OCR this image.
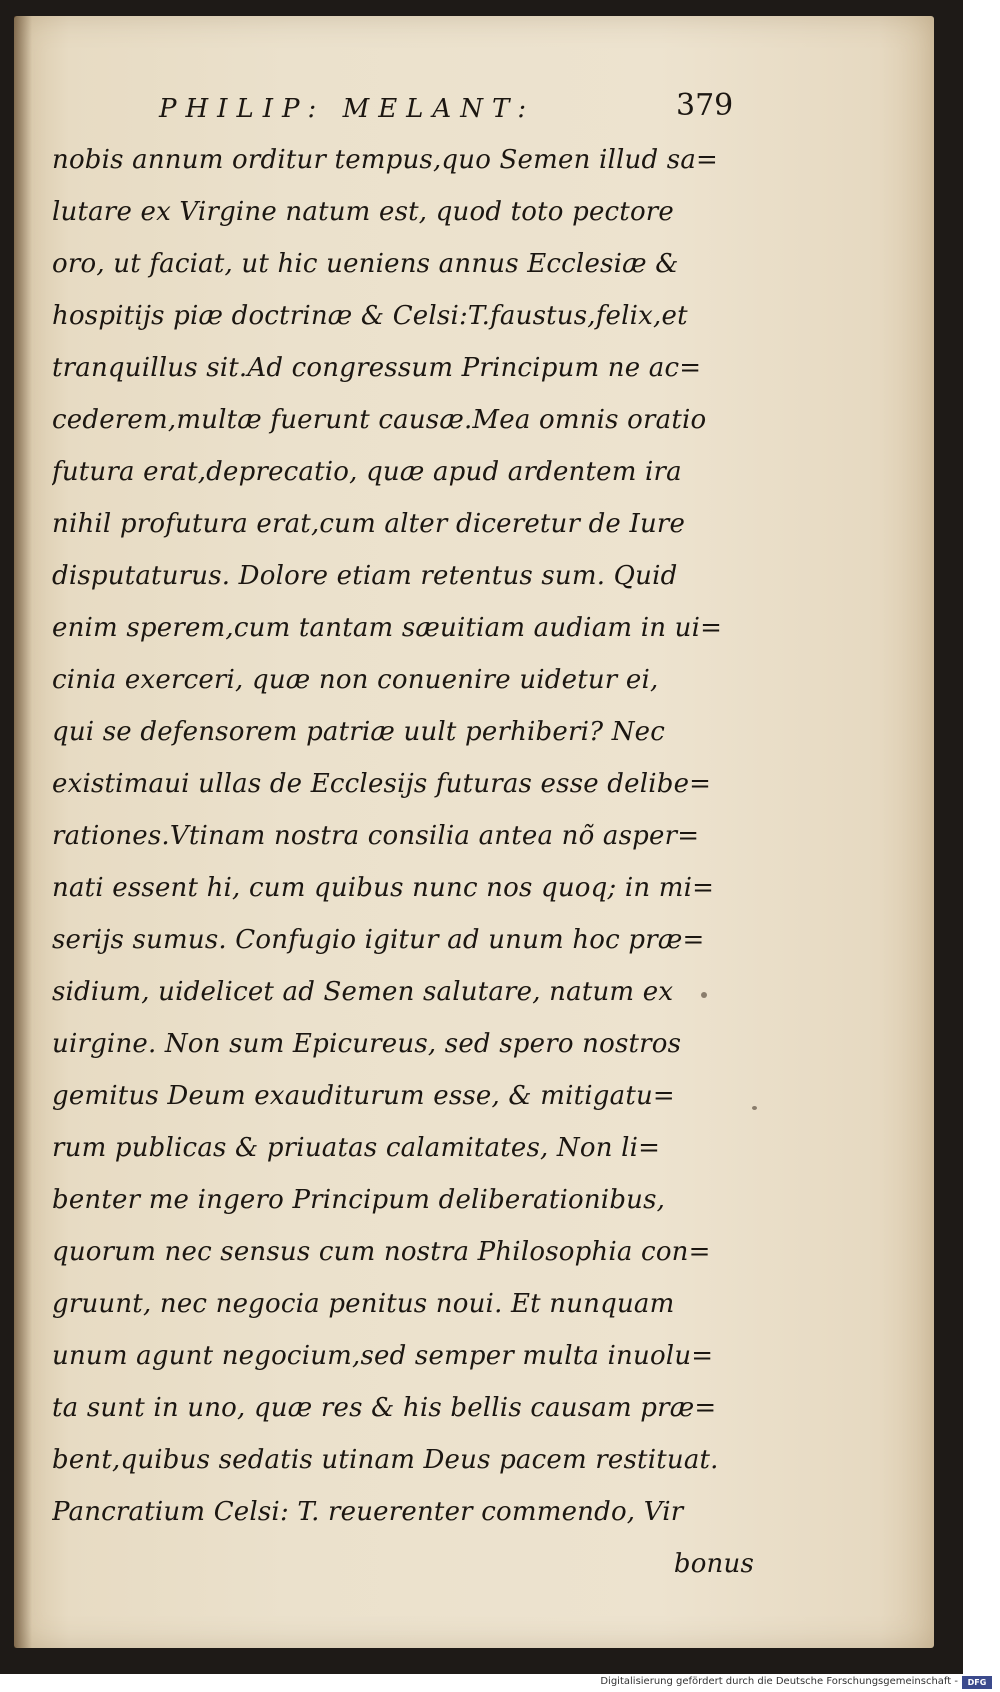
PHILIP: MELANT:	379
nobis annum orditur tempus,quo Semen illud sa=
lutare ex Virgine natum est, quod toto pectore
oro, ut faciat, ut hic ueniens annus Ecclesiæ &
hospitijs piæ doctrinæ & Celsi:T.faustus,felix,et
tranquillus sit.Ad congressum Principum ne ac=
cederem,multæ fuerunt causæ.Mea omnis oratio
futura erat,deprecatio, quæ apud ardentem ira
nihil profutura erat,cum alter diceretur de Iure
disputaturus. Dolore etiam retentus sum. Quid
enim sperem,cum tantam sæuitiam audiam in ui=
cinia exerceri, quæ non conuenire uidetur ei,
qui se defensorem patriæ uult perhiberi? Nec
existimaui ullas de Ecclesijs futuras esse delibe=
rationes.Vtinam nostra consilia antea nõ asper=
nati essent hi, cum quibus nunc nos quoq; in mi=
serijs sumus. Confugio igitur ad unum hoc præ=
sidium, uidelicet ad Semen salutare, natum ex
uirgine. Non sum Epicureus, sed spero nostros
gemitus Deum exauditurum esse, & mitigatu=
rum publicas & priuatas calamitates, Non li=
benter me ingero Principum deliberationibus,
quorum nec sensus cum nostra Philosophia con=
gruunt, nec negocia penitus noui. Et nunquam
unum agunt negocium,sed semper multa inuolu=
ta sunt in uno, quæ res & his bellis causam præ=
bent,quibus sedatis utinam Deus pacem restituat.
Pancratium Celsi: T. reuerenter commendo, Vir
bonus
Digitalisierung gefördert durch die Deutsche Forschungsgemeinschaft -	DFG
